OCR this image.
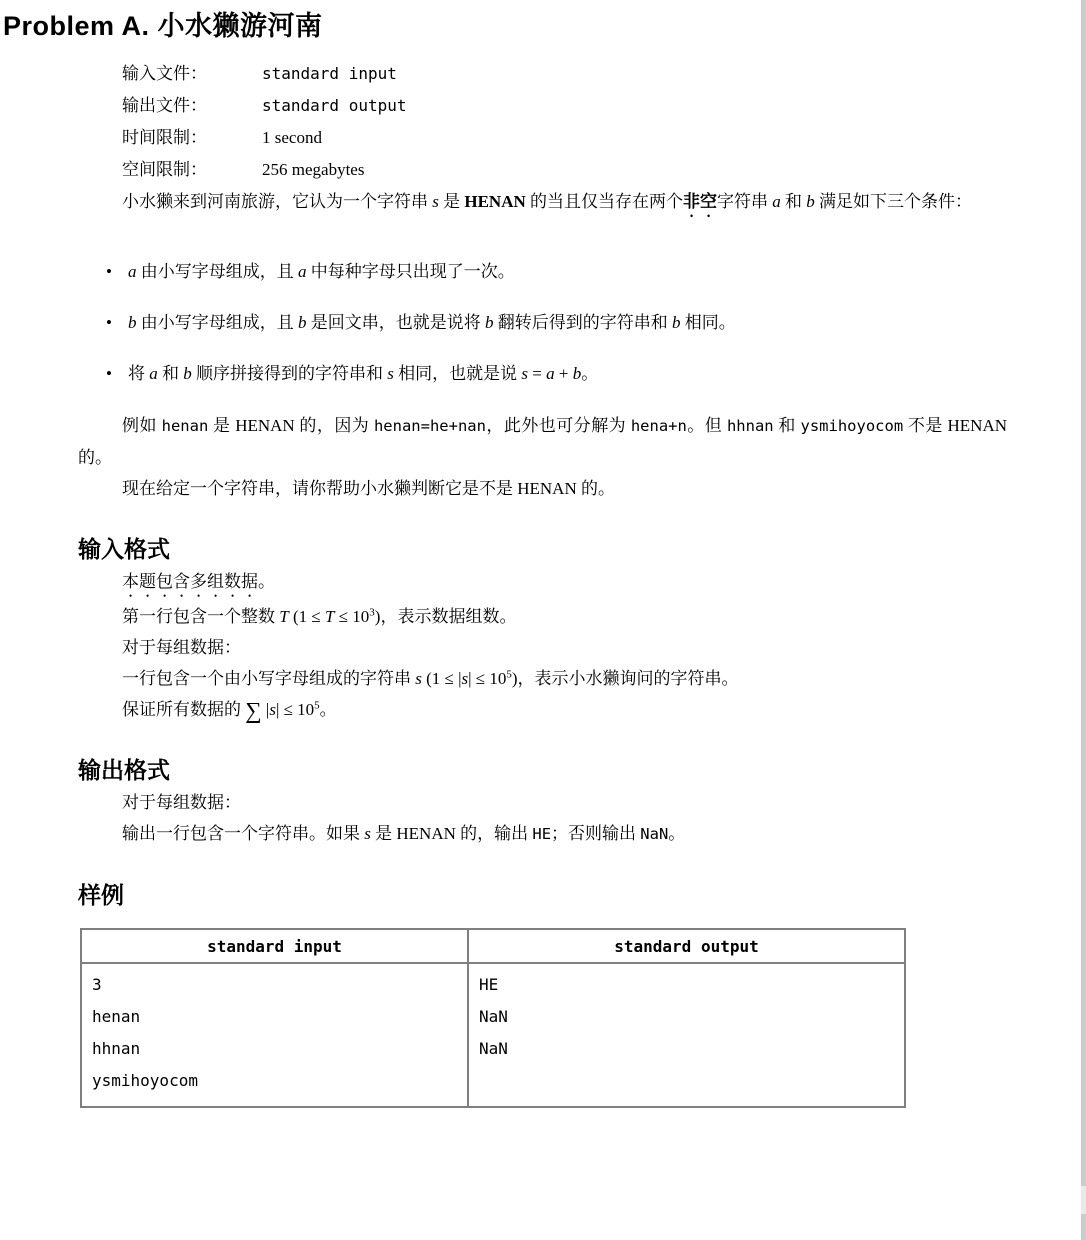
Problem A. 小水獭游河南
输入文件：	standard input
输出文件：	standard output
时间限制：	1 second
空间限制：	256 megabytes

小水獭来到河南旅游，它认为一个字符串 s 是 HENAN 的当且仅当存在两个非空字符串 a 和 b 满足如下三个条件：

• a 由小写字母组成，且 a 中每种字母只出现了一次。
• b 由小写字母组成，且 b 是回文串，也就是说将 b 翻转后得到的字符串和 b 相同。
• 将 a 和 b 顺序拼接得到的字符串和 s 相同，也就是说 s = a + b。

例如 henan 是 HENAN 的，因为 henan=he+nan，此外也可分解为 hena+n。但 hhnan 和 ysmihoyocom 不是 HENAN 的。

现在给定一个字符串，请你帮助小水獭判断它是不是 HENAN 的。

输入格式

本题包含多组数据。

第一行包含一个整数 T $(1 \le T \le 10^3)$，表示数据组数。

对于每组数据：

一行包含一个由小写字母组成的字符串 s $(1 \le |s| \le 10^5)$，表示小水獭询问的字符串。

保证所有数据的 ∑ $|s| \le 10^5$。

输出格式

对于每组数据：

输出一行包含一个字符串。如果 s 是 HENAN 的，输出 HE；否则输出 NaN。

样例
standard input	standard output

3
henan
hhnan
ysmihoyocom

HE
NaN
NaN
